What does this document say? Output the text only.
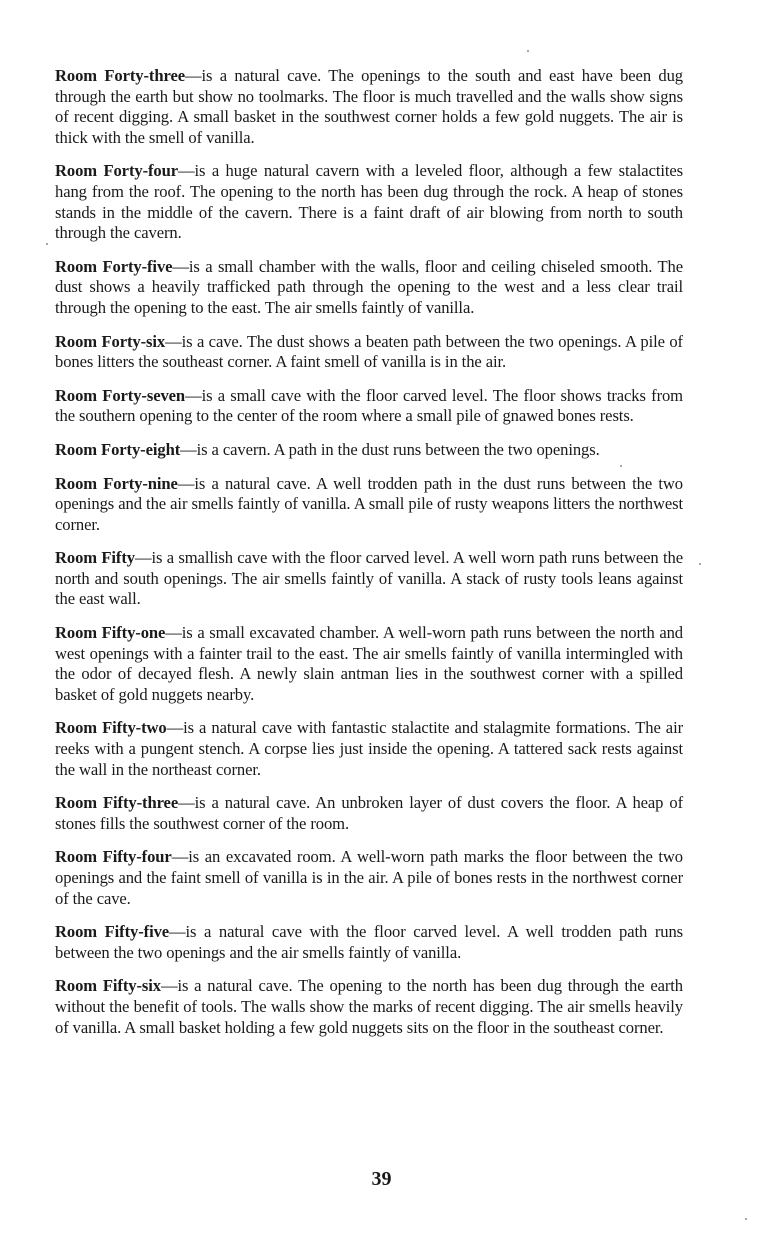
Room Forty-three—is a natural cave. The openings to the south and east have been dug through the earth but show no toolmarks. The floor is much travelled and the walls show signs of recent digging. A small basket in the southwest corner holds a few gold nuggets. The air is thick with the smell of vanilla.

Room Forty-four—is a huge natural cavern with a leveled floor, although a few stalactites hang from the roof. The opening to the north has been dug through the rock. A heap of stones stands in the middle of the cavern. There is a faint draft of air blowing from north to south through the cavern.

Room Forty-five—is a small chamber with the walls, floor and ceiling chiseled smooth. The dust shows a heavily trafficked path through the opening to the west and a less clear trail through the opening to the east. The air smells faintly of vanilla.

Room Forty-six—is a cave. The dust shows a beaten path between the two openings. A pile of bones litters the southeast corner. A faint smell of vanilla is in the air.

Room Forty-seven—is a small cave with the floor carved level. The floor shows tracks from the southern opening to the center of the room where a small pile of gnawed bones rests.

Room Forty-eight—is a cavern. A path in the dust runs between the two openings.

Room Forty-nine—is a natural cave. A well trodden path in the dust runs between the two openings and the air smells faintly of vanilla. A small pile of rusty weapons litters the northwest corner.

Room Fifty—is a smallish cave with the floor carved level. A well worn path runs between the north and south openings. The air smells faintly of vanilla. A stack of rusty tools leans against the east wall.

Room Fifty-one—is a small excavated chamber. A well-worn path runs between the north and west openings with a fainter trail to the east. The air smells faintly of vanilla intermingled with the odor of decayed flesh. A newly slain antman lies in the southwest corner with a spilled basket of gold nuggets nearby.

Room Fifty-two—is a natural cave with fantastic stalactite and stalagmite formations. The air reeks with a pungent stench. A corpse lies just inside the opening. A tattered sack rests against the wall in the northeast corner.

Room Fifty-three—is a natural cave. An unbroken layer of dust covers the floor. A heap of stones fills the southwest corner of the room.

Room Fifty-four—is an excavated room. A well-worn path marks the floor between the two openings and the faint smell of vanilla is in the air. A pile of bones rests in the northwest corner of the cave.

Room Fifty-five—is a natural cave with the floor carved level. A well trodden path runs between the two openings and the air smells faintly of vanilla.

Room Fifty-six—is a natural cave. The opening to the north has been dug through the earth without the benefit of tools. The walls show the marks of recent digging. The air smells heavily of vanilla. A small basket holding a few gold nuggets sits on the floor in the southeast corner.

39
